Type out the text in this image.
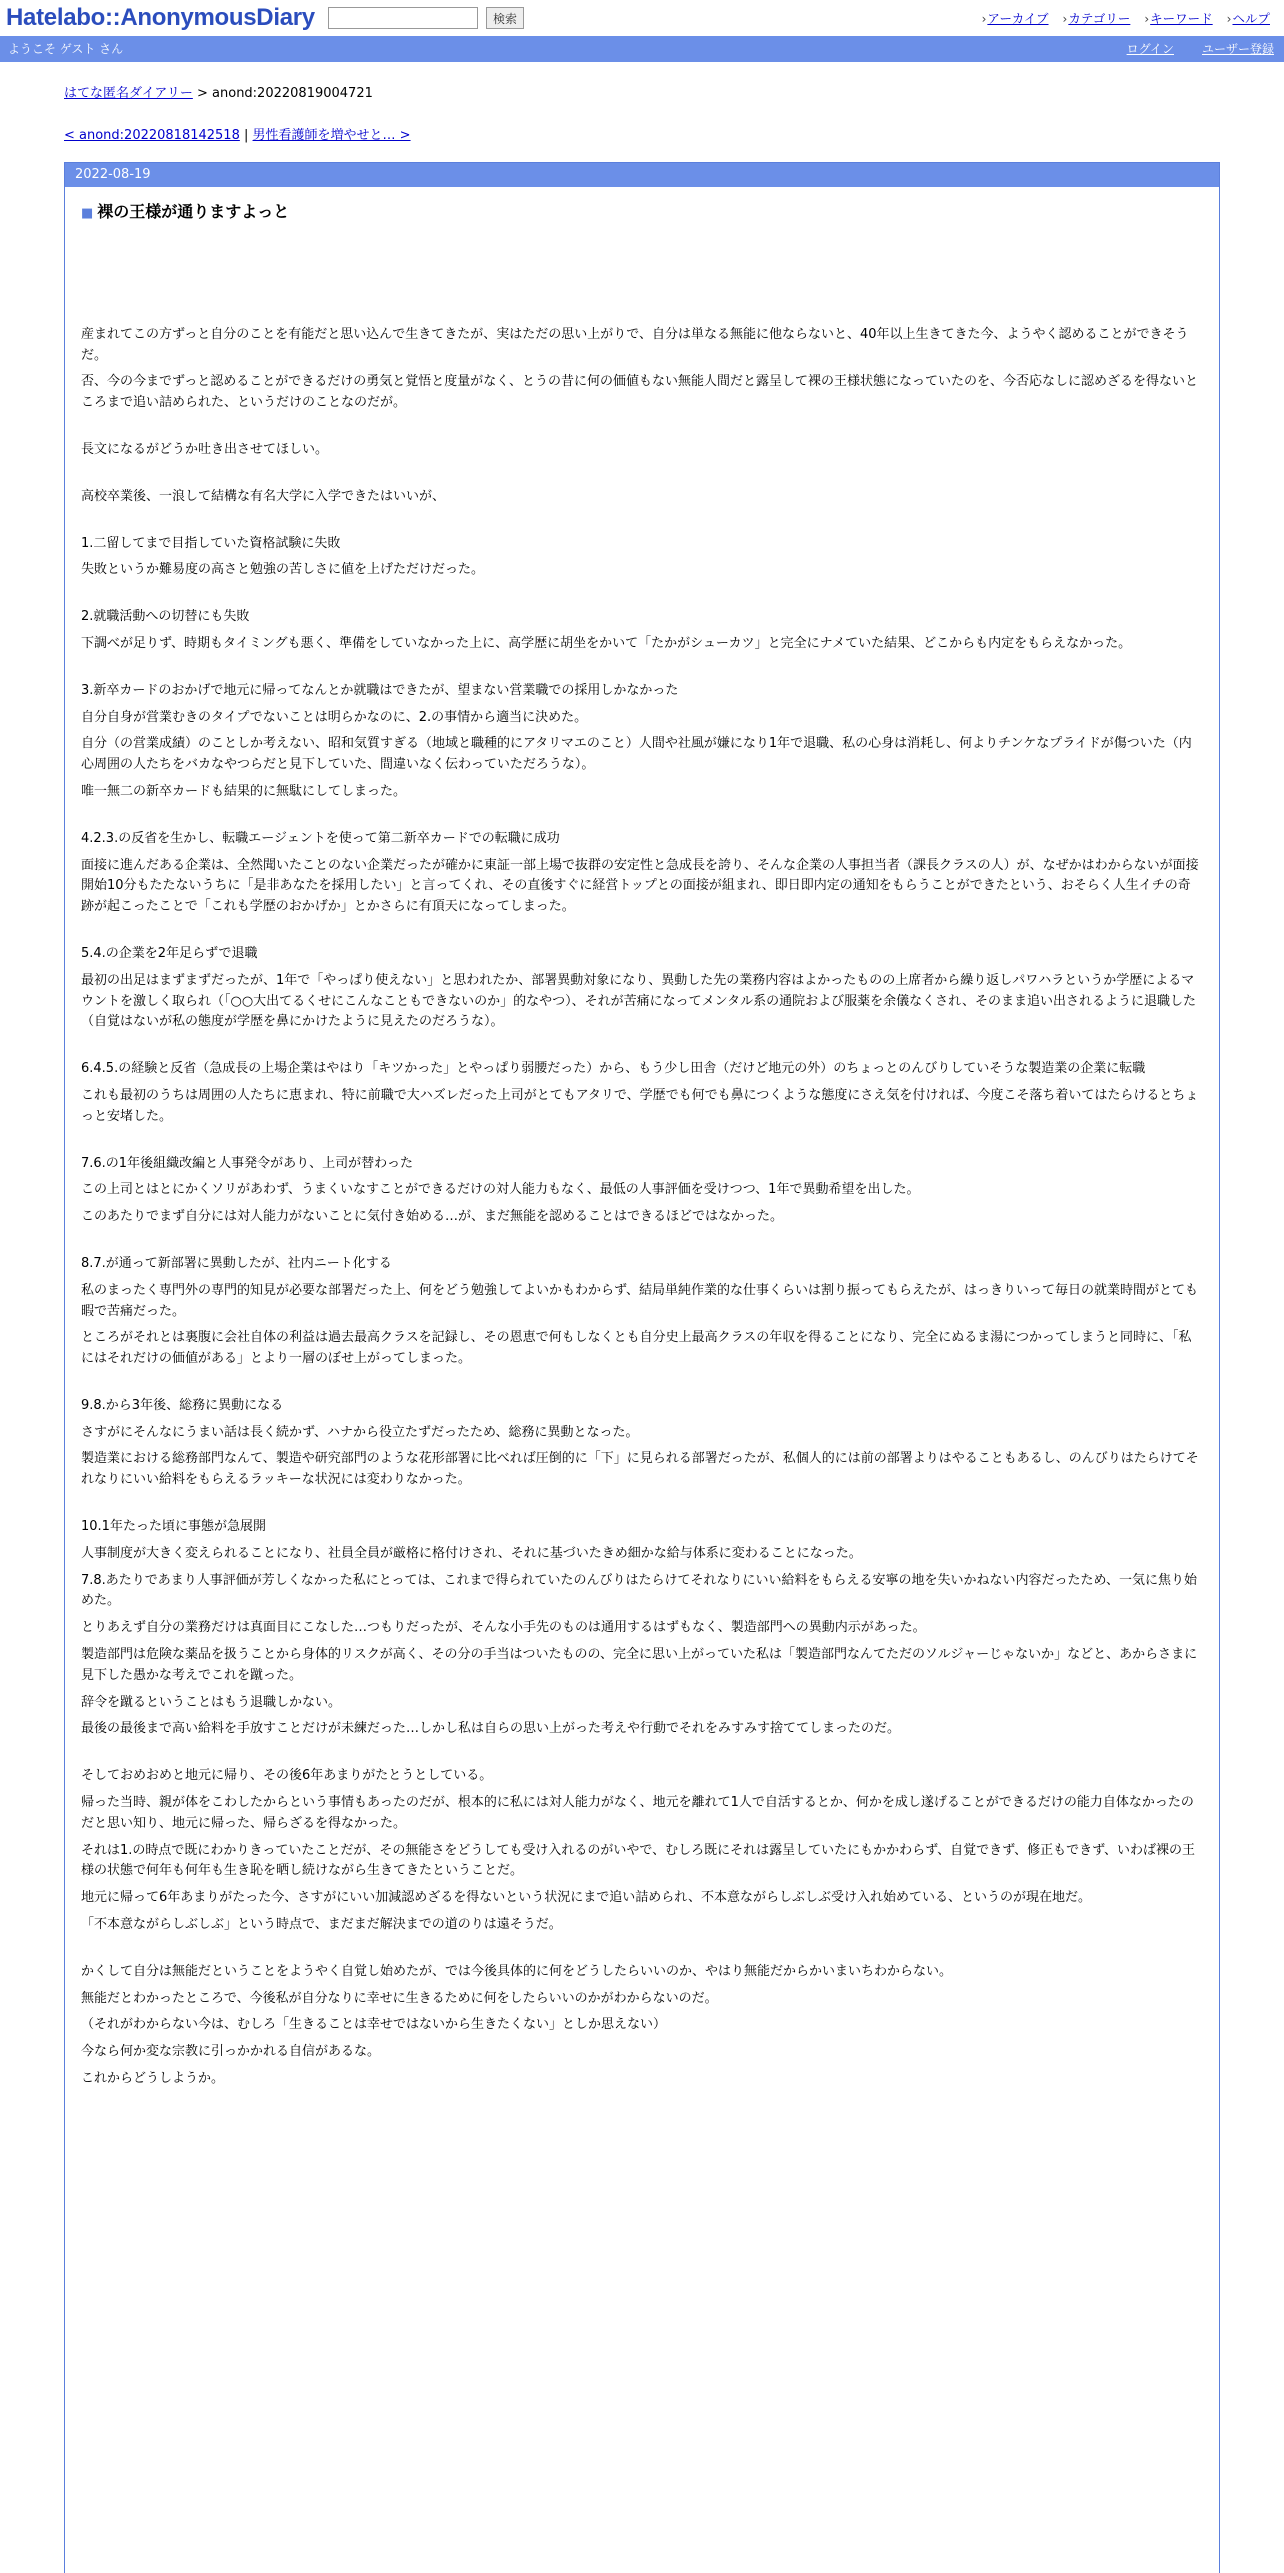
Hatelabo::AnonymousDiary	検索	›アーカイブ ›カテゴリー ›キーワード ›ヘルプ
ようこそ ゲスト さん	ログイン ユーザー登録
はてな匿名ダイアリー > anond:20220819004721
< anond:20220818142518 | 男性看護師を増やせと… >
2022-08-19
■ 裸の王様が通りますよっと

産まれてこの方ずっと自分のことを有能だと思い込んで生きてきたが、実はただの思い上がりで、自分は単なる無能に他ならないと、40年以上生きてきた今、ようやく認めることができそうだ。

否、今の今までずっと認めることができるだけの勇気と覚悟と度量がなく、とうの昔に何の価値もない無能人間だと露呈して裸の王様状態になっていたのを、今否応なしに認めざるを得ないところまで追い詰められた、というだけのことなのだが。

長文になるがどうか吐き出させてほしい。

高校卒業後、一浪して結構な有名大学に入学できたはいいが、

1.二留してまで目指していた資格試験に失敗

失敗というか難易度の高さと勉強の苦しさに値を上げただけだった。

2.就職活動への切替にも失敗

下調べが足りず、時期もタイミングも悪く、準備をしていなかった上に、高学歴に胡坐をかいて「たかがシューカツ」と完全にナメていた結果、どこからも内定をもらえなかった。

3.新卒カードのおかげで地元に帰ってなんとか就職はできたが、望まない営業職での採用しかなかった

自分自身が営業むきのタイプでないことは明らかなのに、2.の事情から適当に決めた。

自分（の営業成績）のことしか考えない、昭和気質すぎる（地域と職種的にアタリマエのこと）人間や社風が嫌になり1年で退職、私の心身は消耗し、何よりチンケなプライドが傷ついた（内心周囲の人たちをバカなやつらだと見下していた、間違いなく伝わっていただろうな）。

唯一無二の新卒カードも結果的に無駄にしてしまった。

4.2.3.の反省を生かし、転職エージェントを使って第二新卒カードでの転職に成功

面接に進んだある企業は、全然聞いたことのない企業だったが確かに東証一部上場で抜群の安定性と急成長を誇り、そんな企業の人事担当者（課長クラスの人）が、なぜかはわからないが面接開始10分もたたないうちに「是非あなたを採用したい」と言ってくれ、その直後すぐに経営トップとの面接が組まれ、即日即内定の通知をもらうことができたという、おそらく人生イチの奇跡が起こったことで「これも学歴のおかげか」とかさらに有頂天になってしまった。

5.4.の企業を2年足らずで退職

最初の出足はまずまずだったが、1年で「やっぱり使えない」と思われたか、部署異動対象になり、異動した先の業務内容はよかったものの上席者から繰り返しパワハラというか学歴によるマウントを激しく取られ（「○○大出てるくせにこんなこともできないのか」的なやつ）、それが苦痛になってメンタル系の通院および服薬を余儀なくされ、そのまま追い出されるように退職した（自覚はないが私の態度が学歴を鼻にかけたように見えたのだろうな）。

6.4.5.の経験と反省（急成長の上場企業はやはり「キツかった」とやっぱり弱腰だった）から、もう少し田舎（だけど地元の外）のちょっとのんびりしていそうな製造業の企業に転職

これも最初のうちは周囲の人たちに恵まれ、特に前職で大ハズレだった上司がとてもアタリで、学歴でも何でも鼻につくような態度にさえ気を付ければ、今度こそ落ち着いてはたらけるとちょっと安堵した。

7.6.の1年後組織改編と人事発令があり、上司が替わった

この上司とはとにかくソリがあわず、うまくいなすことができるだけの対人能力もなく、最低の人事評価を受けつつ、1年で異動希望を出した。

このあたりでまず自分には対人能力がないことに気付き始める…が、まだ無能を認めることはできるほどではなかった。

8.7.が通って新部署に異動したが、社内ニート化する

私のまったく専門外の専門的知見が必要な部署だった上、何をどう勉強してよいかもわからず、結局単純作業的な仕事くらいは割り振ってもらえたが、はっきりいって毎日の就業時間がとても暇で苦痛だった。

ところがそれとは裏腹に会社自体の利益は過去最高クラスを記録し、その恩恵で何もしなくとも自分史上最高クラスの年収を得ることになり、完全にぬるま湯につかってしまうと同時に、「私にはそれだけの価値がある」とより一層のぼせ上がってしまった。

9.8.から3年後、総務に異動になる

さすがにそんなにうまい話は長く続かず、ハナから役立たずだったため、総務に異動となった。

製造業における総務部門なんて、製造や研究部門のような花形部署に比べれば圧倒的に「下」に見られる部署だったが、私個人的には前の部署よりはやることもあるし、のんびりはたらけてそれなりにいい給料をもらえるラッキーな状況には変わりなかった。

10.1年たった頃に事態が急展開

人事制度が大きく変えられることになり、社員全員が厳格に格付けされ、それに基づいたきめ細かな給与体系に変わることになった。

7.8.あたりであまり人事評価が芳しくなかった私にとっては、これまで得られていたのんびりはたらけてそれなりにいい給料をもらえる安寧の地を失いかねない内容だったため、一気に焦り始めた。

とりあえず自分の業務だけは真面目にこなした…つもりだったが、そんな小手先のものは通用するはずもなく、製造部門への異動内示があった。

製造部門は危険な薬品を扱うことから身体的リスクが高く、その分の手当はついたものの、完全に思い上がっていた私は「製造部門なんてただのソルジャーじゃないか」などと、あからさまに見下した愚かな考えでこれを蹴った。

辞令を蹴るということはもう退職しかない。

最後の最後まで高い給料を手放すことだけが未練だった…しかし私は自らの思い上がった考えや行動でそれをみすみす捨ててしまったのだ。

そしておめおめと地元に帰り、その後6年あまりがたとうとしている。

帰った当時、親が体をこわしたからという事情もあったのだが、根本的に私には対人能力がなく、地元を離れて1人で自活するとか、何かを成し遂げることができるだけの能力自体なかったのだと思い知り、地元に帰った、帰らざるを得なかった。

それは1.の時点で既にわかりきっていたことだが、その無能さをどうしても受け入れるのがいやで、むしろ既にそれは露呈していたにもかかわらず、自覚できず、修正もできず、いわば裸の王様の状態で何年も何年も生き恥を晒し続けながら生きてきたということだ。

地元に帰って6年あまりがたった今、さすがにいい加減認めざるを得ないという状況にまで追い詰められ、不本意ながらしぶしぶ受け入れ始めている、というのが現在地だ。

「不本意ながらしぶしぶ」という時点で、まだまだ解決までの道のりは遠そうだ。

かくして自分は無能だということをようやく自覚し始めたが、では今後具体的に何をどうしたらいいのか、やはり無能だからかいまいちわからない。

無能だとわかったところで、今後私が自分なりに幸せに生きるために何をしたらいいのかがわからないのだ。

（それがわからない今は、むしろ「生きることは幸せではないから生きたくない」としか思えない）

今なら何か変な宗教に引っかかれる自信があるな。

これからどうしようか。
